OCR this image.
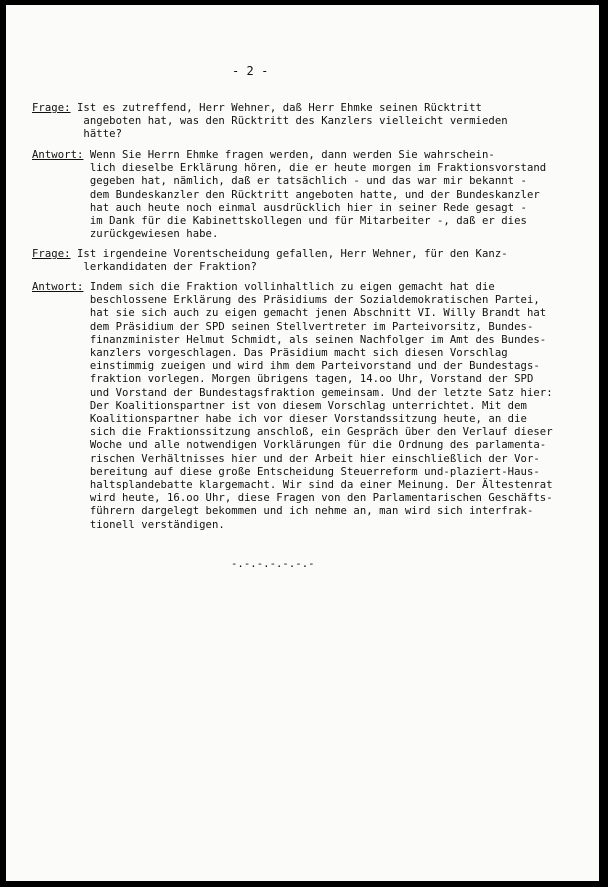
- 2 -
Frage: Ist es zutreffend, Herr Wehner, daß Herr Ehmke seinen Rücktritt
angeboten hat, was den Rücktritt des Kanzlers vielleicht vermieden
hätte?
Antwort: Wenn Sie Herrn Ehmke fragen werden, dann werden Sie wahrschein-
lich dieselbe Erklärung hören, die er heute morgen im Fraktionsvorstand
gegeben hat, nämlich, daß er tatsächlich - und das war mir bekannt -
dem Bundeskanzler den Rücktritt angeboten hatte, und der Bundeskanzler
hat auch heute noch einmal ausdrücklich hier in seiner Rede gesagt -
im Dank für die Kabinettskollegen und für Mitarbeiter -, daß er dies
zurückgewiesen habe.
Frage: Ist irgendeine Vorentscheidung gefallen, Herr Wehner, für den Kanz-
lerkandidaten der Fraktion?
Antwort: Indem sich die Fraktion vollinhaltlich zu eigen gemacht hat die
beschlossene Erklärung des Präsidiums der Sozialdemokratischen Partei,
hat sie sich auch zu eigen gemacht jenen Abschnitt VI. Willy Brandt hat
dem Präsidium der SPD seinen Stellvertreter im Parteivorsitz, Bundes-
finanzminister Helmut Schmidt, als seinen Nachfolger im Amt des Bundes-
kanzlers vorgeschlagen. Das Präsidium macht sich diesen Vorschlag
einstimmig zueigen und wird ihm dem Parteivorstand und der Bundestags-
fraktion vorlegen. Morgen übrigens tagen, 14.oo Uhr, Vorstand der SPD
und Vorstand der Bundestagsfraktion gemeinsam. Und der letzte Satz hier:
Der Koalitionspartner ist von diesem Vorschlag unterrichtet. Mit dem
Koalitionspartner habe ich vor dieser Vorstandssitzung heute, an die
sich die Fraktionssitzung anschloß, ein Gespräch über den Verlauf dieser
Woche und alle notwendigen Vorklärungen für die Ordnung des parlamenta-
rischen Verhältnisses hier und der Arbeit hier einschließlich der Vor-
bereitung auf diese große Entscheidung Steuerreform und-plaziert-Haus-
haltsplandebatte klargemacht. Wir sind da einer Meinung. Der Ältestenrat
wird heute, 16.oo Uhr, diese Fragen von den Parlamentarischen Geschäfts-
führern dargelegt bekommen und ich nehme an, man wird sich interfrak-
tionell verständigen.
-.-.-.-.-.-.-
